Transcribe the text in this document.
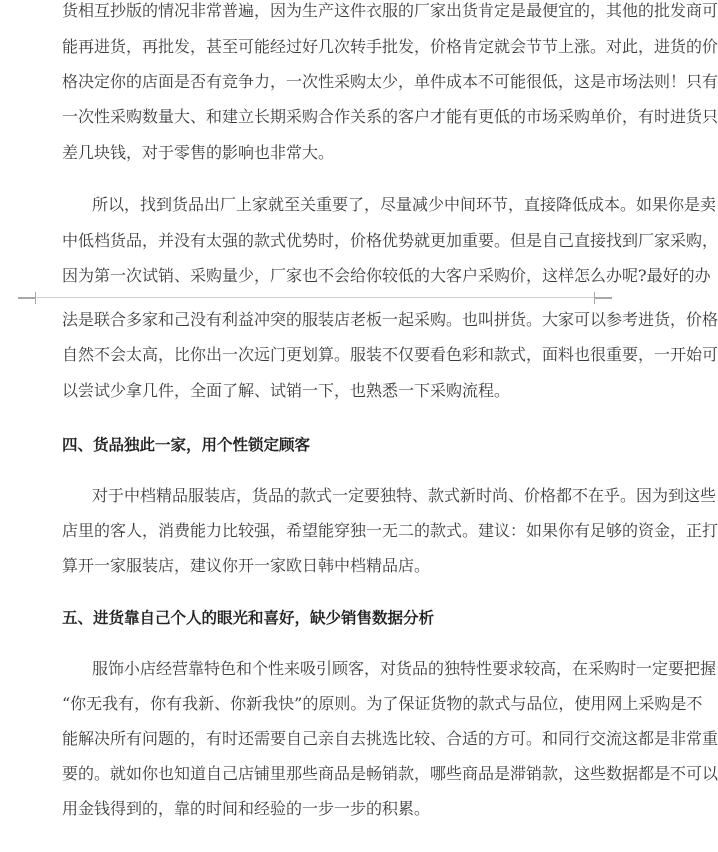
货相互抄版的情况非常普遍，因为生产这件衣服的厂家出货肯定是最便宜的，其他的批发商可
能再进货，再批发，甚至可能经过好几次转手批发，价格肯定就会节节上涨。对此，进货的价
格决定你的店面是否有竞争力，一次性采购太少，单件成本不可能很低，这是市场法则！只有
一次性采购数量大、和建立长期采购合作关系的客户才能有更低的市场采购单价，有时进货只
差几块钱，对于零售的影响也非常大。
所以，找到货品出厂上家就至关重要了，尽量减少中间环节，直接降低成本。如果你是卖
中低档货品，并没有太强的款式优势时，价格优势就更加重要。但是自己直接找到厂家采购，
因为第一次试销、采购量少，厂家也不会给你较低的大客户采购价，这样怎么办呢?最好的办
法是联合多家和己没有利益冲突的服装店老板一起采购。也叫拼货。大家可以参考进货，价格
自然不会太高，比你出一次远门更划算。服装不仅要看色彩和款式，面料也很重要，一开始可
以尝试少拿几件，全面了解、试销一下，也熟悉一下采购流程。
四、货品独此一家，用个性锁定顾客
对于中档精品服装店，货品的款式一定要独特、款式新时尚、价格都不在乎。因为到这些
店里的客人，消费能力比较强，希望能穿独一无二的款式。建议：如果你有足够的资金，正打
算开一家服装店，建议你开一家欧日韩中档精品店。
五、进货靠自己个人的眼光和喜好，缺少销售数据分析
服饰小店经营靠特色和个性来吸引顾客，对货品的独特性要求较高，在采购时一定要把握
“你无我有，你有我新、你新我快”的原则。为了保证货物的款式与品位，使用网上采购是不
能解决所有问题的，有时还需要自己亲自去挑选比较、合适的方可。和同行交流这都是非常重
要的。就如你也知道自己店铺里那些商品是畅销款，哪些商品是滞销款，这些数据都是不可以
用金钱得到的，靠的时间和经验的一步一步的积累。
